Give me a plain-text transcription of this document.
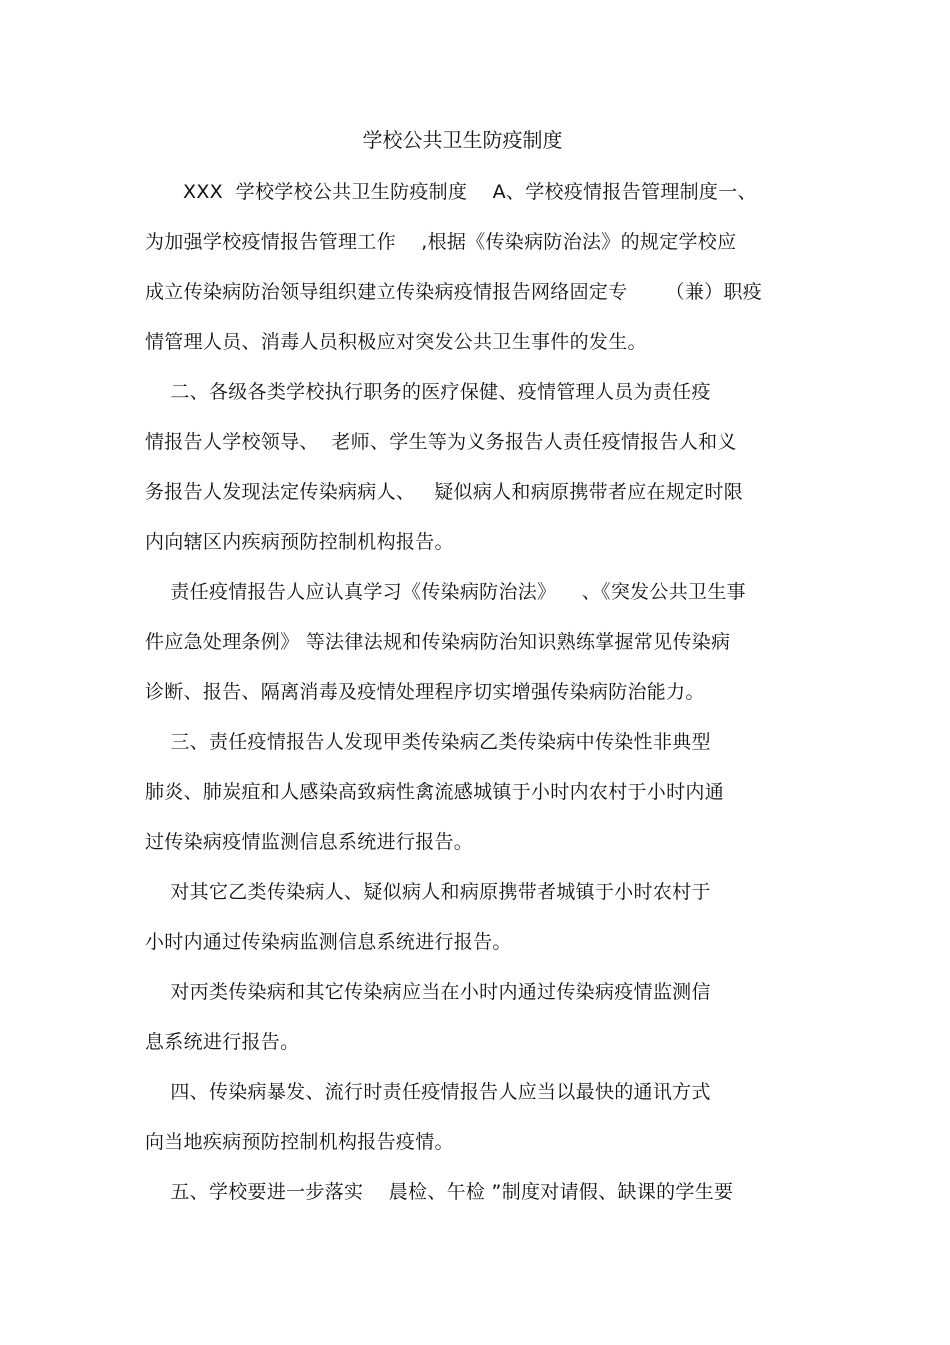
学校公共卫生防疫制度
XXX  学校学校公共卫生防疫制度    A、学校疫情报告管理制度一、
为加强学校疫情报告管理工作    ,根据《传染病防治法》的规定学校应
成立传染病防治领导组织建立传染病疫情报告网络固定专      （兼）职疫
情管理人员、消毒人员积极应对突发公共卫生事件的发生。
二、各级各类学校执行职务的医疗保健、疫情管理人员为责任疫
情报告人学校领导、  老师、学生等为义务报告人责任疫情报告人和义
务报告人发现法定传染病病人、   疑似病人和病原携带者应在规定时限
内向辖区内疾病预防控制机构报告。
责任疫情报告人应认真学习《传染病防治法》    、《突发公共卫生事
件应急处理条例》 等法律法规和传染病防治知识熟练掌握常见传染病
诊断、报告、隔离消毒及疫情处理程序切实增强传染病防治能力。
三、责任疫情报告人发现甲类传染病乙类传染病中传染性非典型
肺炎、肺炭疽和人感染高致病性禽流感城镇于小时内农村于小时内通
过传染病疫情监测信息系统进行报告。
对其它乙类传染病人、疑似病人和病原携带者城镇于小时农村于
小时内通过传染病监测信息系统进行报告。
对丙类传染病和其它传染病应当在小时内通过传染病疫情监测信
息系统进行报告。
四、传染病暴发、流行时责任疫情报告人应当以最快的通讯方式
向当地疾病预防控制机构报告疫情。
五、学校要进一步落实    晨检、午检 ”制度对请假、缺课的学生要
